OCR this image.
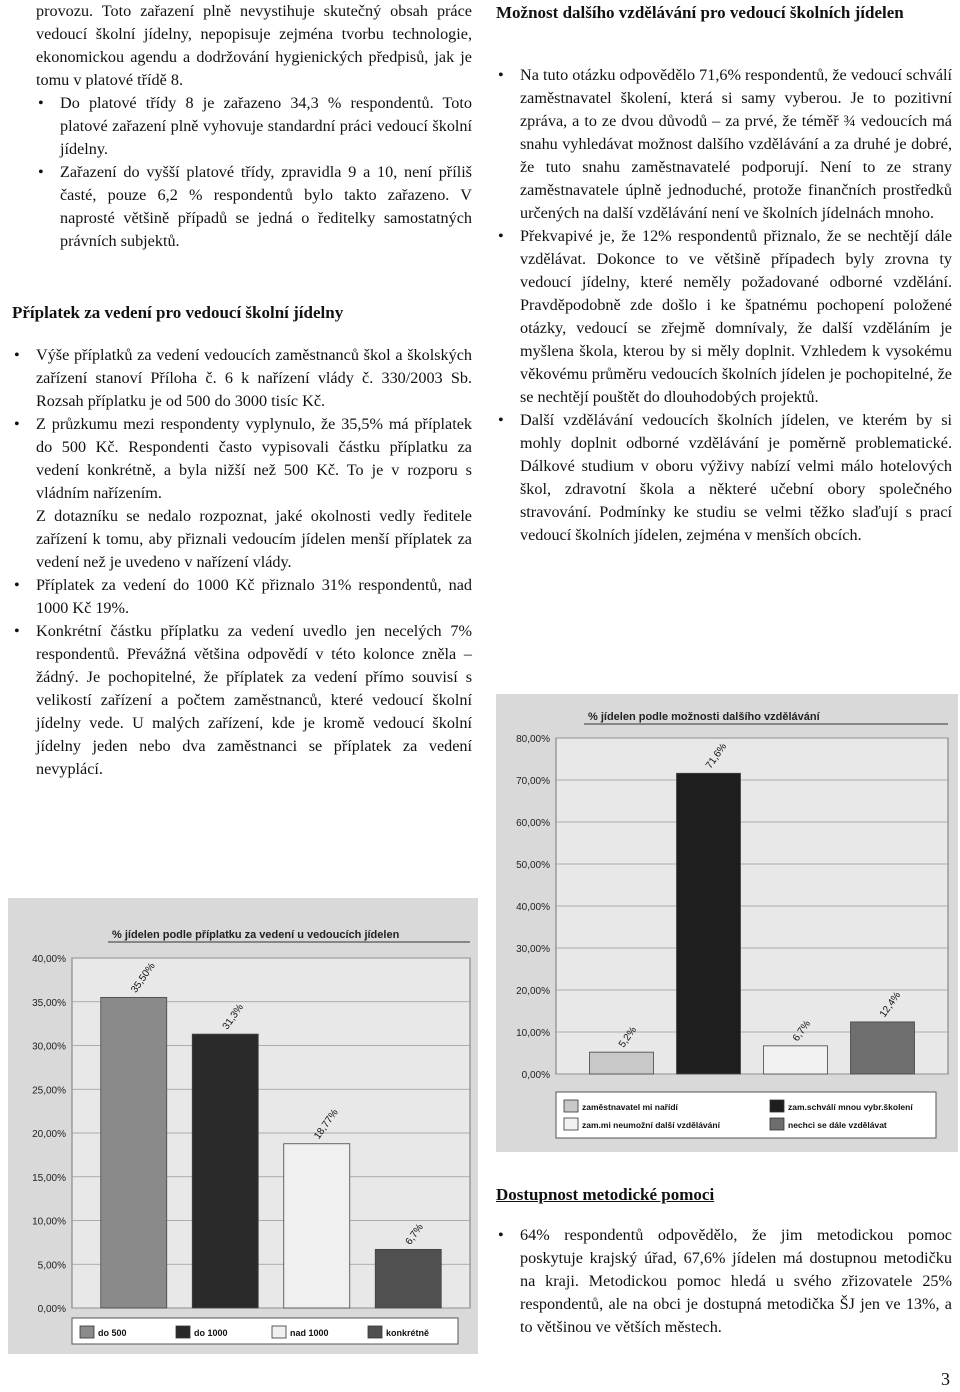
provozu. Toto zařazení plně nevystihuje skutečný obsah práce vedoucí školní jídelny, nepopisuje zejména tvorbu technologie, ekonomickou agendu a dodržování hygienických předpisů, jak je tomu v platové třídě 8.

• Do platové třídy 8 je zařazeno 34,3 % respondentů. Toto platové zařazení plně vyhovuje standardní práci vedoucí školní jídelny.
• Zařazení do vyšší platové třídy, zpravidla 9 a 10, není příliš časté, pouze 6,2 % respondentů bylo takto zařazeno. V naprosté většině případů se jedná o ředitelky samostatných právních subjektů.
Příplatek za vedení pro vedoucí školní jídelny
• Výše příplatků za vedení vedoucích zaměstnanců škol a školských zařízení stanoví Příloha č. 6 k nařízení vlády č. 330/2003 Sb. Rozsah příplatku je od 500 do 3000 tisíc Kč.

• Z průzkumu mezi respondenty vyplynulo, že 35,5% má příplatek do 500 Kč. Respondenti často vypisovali částku příplatku za vedení konkrétně, a byla nižší než 500 Kč. To je v rozporu s vládním nařízením.

Z dotazníku se nedalo rozpoznat, jaké okolnosti vedly ředitele zařízení k tomu, aby přiznali vedoucím jídelen menší příplatek za vedení než je uvedeno v nařízení vlády.

• Příplatek za vedení do 1000 Kč přiznalo 31% respondentů, nad 1000 Kč 19%.
• Konkrétní částku příplatku za vedení uvedlo jen necelých 7% respondentů. Převážná většina odpovědí v této kolonce zněla – žádný. Je pochopitelné, že příplatek za vedení přímo souvisí s velikostí zařízení a počtem zaměstnanců, které vedoucí školní jídelny vede. U malých zařízení, kde je kromě vedoucí školní jídelny jeden nebo dva zaměstnanci se příplatek za vedení nevyplácí.
Možnost dalšího vzdělávání pro vedoucí školních jídelen
• Na tuto otázku odpovědělo 71,6% respondentů, že vedoucí schválí zaměstnavatel školení, která si samy vyberou. Je to pozitivní zpráva, a to ze dvou důvodů – za prvé, že téměř ¾ vedoucích má snahu vyhledávat možnost dalšího vzdělávání a za druhé je dobré, že tuto snahu zaměstnavatelé podporují. Není to ze strany zaměstnavatele úplně jednoduché, protože finančních prostředků určených na další vzdělávání není ve školních jídelnách mnoho.
• Překvapivé je, že 12% respondentů přiznalo, že se nechtějí dále vzdělávat. Dokonce to ve většině případech byly zrovna ty vedoucí jídelny, které neměly požadované odborné vzdělání. Pravděpodobně zde došlo i ke špatnému pochopení položené otázky, vedoucí se zřejmě domnívaly, že další vzděláním je myšlena škola, kterou by si měly doplnit. Vzhledem k vysokému věkovému průměru vedoucích školních jídelen je pochopitelné, že se nechtějí pouštět do dlouhodobých projektů.
• Další vzdělávání vedoucích školních jídelen, ve kterém by si mohly doplnit odborné vzdělávání je poměrně problematické. Dálkové studium v oboru výživy nabízí velmi málo hotelových škol, zdravotní škola a některé učební obory společného stravování. Podmínky ke studiu se velmi těžko slaďují s prací vedoucí školních jídelen, zejména v menších obcích.
% jídelen podle možnosti dalšího vzdělávání
0,00%
10,00%
20,00%
30,00%
40,00%
50,00%
60,00%
70,00%
80,00%
5,2%
71,6%
6,7%
12,4%
zaměstnavatel mi nařídí	zam.schválí mnou vybr.školení
zam.mi neumožní další vzdělávání	nechci se dále vzdělávat
Dostupnost metodické pomoci
• 64% respondentů odpovědělo, že jim metodickou pomoc poskytuje krajský úřad, 67,6% jídelen má dostupnou metodičku na kraji. Metodickou pomoc hledá u svého zřizovatele 25% respondentů, ale na obci je dostupná metodička ŠJ jen ve 13%, a to většinou ve větších městech.
% jídelen podle příplatku za vedení u vedoucích jídelen
0,00%
5,00%
10,00%
15,00%
20,00%
25,00%
30,00%
35,00%
40,00%
35,50%
31,3%
18,77%
6,7%
do 500	do 1000	nad 1000	konkrétně
3
